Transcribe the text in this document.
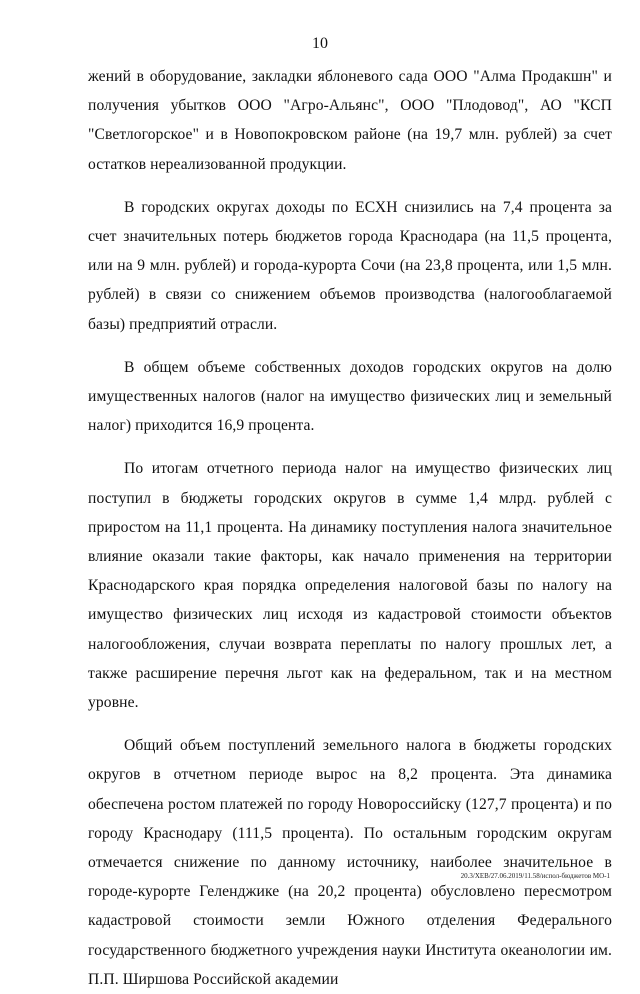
10

жений в оборудование, закладки яблоневого сада ООО "Алма Продакшн" и получения убытков ООО "Агро-Альянс", ООО "Плодовод", АО "КСП "Светлогорское" и в Новопокровском районе (на 19,7 млн. рублей) за счет остатков нереализованной продукции.

В городских округах доходы по ЕСХН снизились на 7,4 процента за счет значительных потерь бюджетов города Краснодара (на 11,5 процента, или на 9 млн. рублей) и города-курорта Сочи (на 23,8 процента, или 1,5 млн. рублей) в связи со снижением объемов производства (налогооблагаемой базы) предприятий отрасли.

В общем объеме собственных доходов городских округов на долю имущественных налогов (налог на имущество физических лиц и земельный налог) приходится 16,9 процента.

По итогам отчетного периода налог на имущество физических лиц поступил в бюджеты городских округов в сумме 1,4 млрд. рублей с приростом на 11,1 процента. На динамику поступления налога значительное влияние оказали такие факторы, как начало применения на территории Краснодарского края порядка определения налоговой базы по налогу на имущество физических лиц исходя из кадастровой стоимости объектов налогообложения, случаи возврата переплаты по налогу прошлых лет, а также расширение перечня льгот как на федеральном, так и на местном уровне.

Общий объем поступлений земельного налога в бюджеты городских округов в отчетном периоде вырос на 8,2 процента. Эта динамика обеспечена ростом платежей по городу Новороссийску (127,7 процента) и по городу Краснодару (111,5 процента). По остальным городским округам отмечается снижение по данному источнику, наиболее значительное в городе-курорте Геленджике (на 20,2 процента) обусловлено пересмотром кадастровой стоимости земли Южного отделения Федерального государственного бюджетного учреждения науки Института океанологии им. П.П. Ширшова Российской академии

20.3/ХЕВ/27.06.2019/11.58/испол-бюджетов МО-1
